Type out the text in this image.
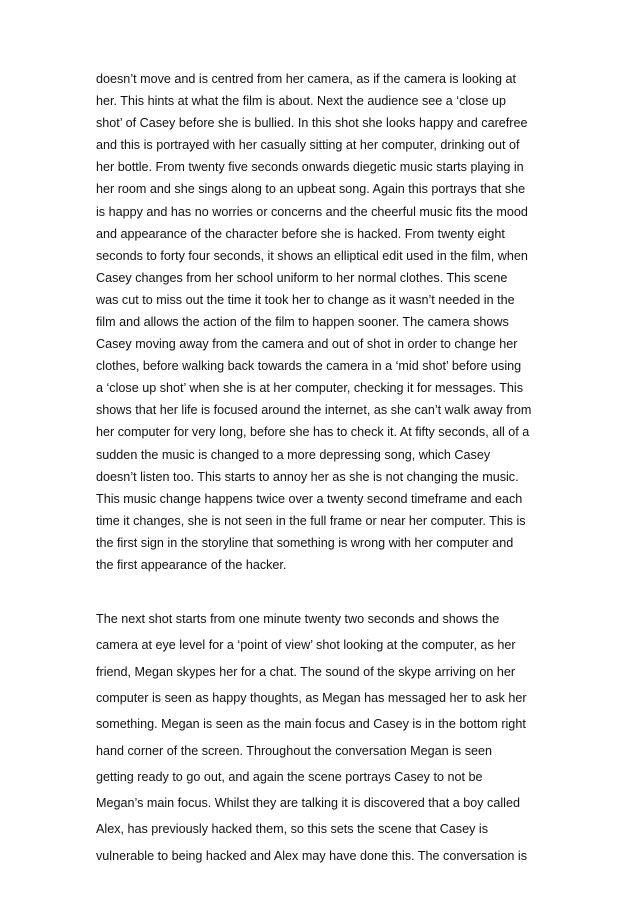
doesn’t move and is centred from her camera, as if the camera is looking at
her. This hints at what the film is about. Next the audience see a ‘close up
shot’ of Casey before she is bullied. In this shot she looks happy and carefree
and this is portrayed with her casually sitting at her computer, drinking out of
her bottle. From twenty five seconds onwards diegetic music starts playing in
her room and she sings along to an upbeat song. Again this portrays that she
is happy and has no worries or concerns and the cheerful music fits the mood
and appearance of the character before she is hacked. From twenty eight
seconds to forty four seconds, it shows an elliptical edit used in the film, when
Casey changes from her school uniform to her normal clothes. This scene
was cut to miss out the time it took her to change as it wasn’t needed in the
film and allows the action of the film to happen sooner. The camera shows
Casey moving away from the camera and out of shot in order to change her
clothes, before walking back towards the camera in a ‘mid shot’ before using
a ‘close up shot’ when she is at her computer, checking it for messages. This
shows that her life is focused around the internet, as she can’t walk away from
her computer for very long, before she has to check it. At fifty seconds, all of a
sudden the music is changed to a more depressing song, which Casey
doesn’t listen too. This starts to annoy her as she is not changing the music.
This music change happens twice over a twenty second timeframe and each
time it changes, she is not seen in the full frame or near her computer. This is
the first sign in the storyline that something is wrong with her computer and
the first appearance of the hacker.
The next shot starts from one minute twenty two seconds and shows the
camera at eye level for a ‘point of view’ shot looking at the computer, as her
friend, Megan skypes her for a chat. The sound of the skype arriving on her
computer is seen as happy thoughts, as Megan has messaged her to ask her
something. Megan is seen as the main focus and Casey is in the bottom right
hand corner of the screen. Throughout the conversation Megan is seen
getting ready to go out, and again the scene portrays Casey to not be
Megan’s main focus. Whilst they are talking it is discovered that a boy called
Alex, has previously hacked them, so this sets the scene that Casey is
vulnerable to being hacked and Alex may have done this. The conversation is
